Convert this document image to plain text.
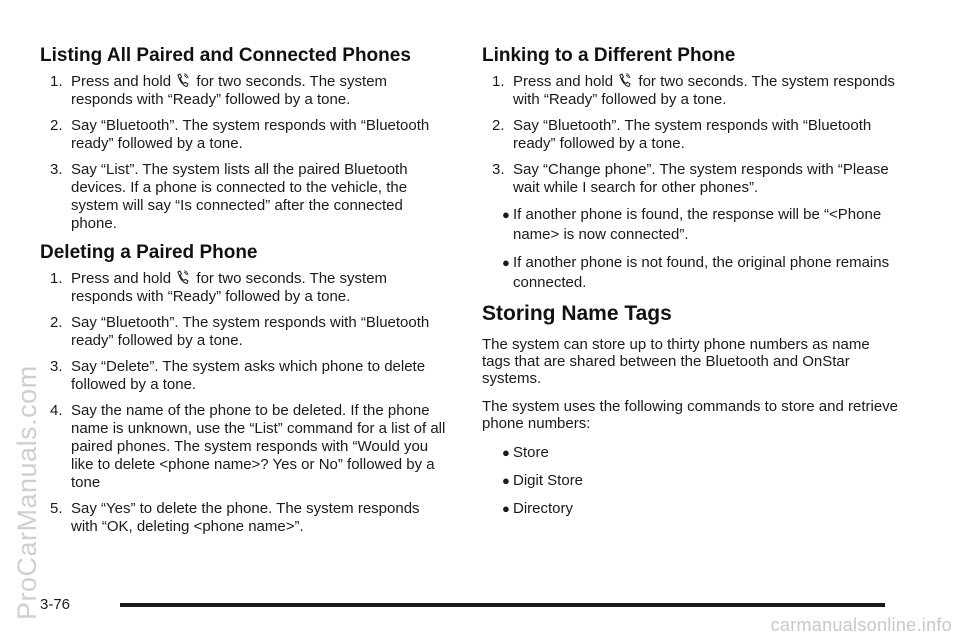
ProCarManuals.com
Listing All Paired and Connected Phones
1. Press and hold for two seconds. The system responds with “Ready” followed by a tone.
2. Say “Bluetooth”. The system responds with “Bluetooth ready” followed by a tone.
3. Say “List”. The system lists all the paired Bluetooth devices. If a phone is connected to the vehicle, the system will say “Is connected” after the connected phone.
Deleting a Paired Phone
1. Press and hold for two seconds. The system responds with “Ready” followed by a tone.
2. Say “Bluetooth”. The system responds with “Bluetooth ready” followed by a tone.
3. Say “Delete”. The system asks which phone to delete followed by a tone.
4. Say the name of the phone to be deleted. If the phone name is unknown, use the “List” command for a list of all paired phones. The system responds with “Would you like to delete <phone name>? Yes or No” followed by a tone
5. Say “Yes” to delete the phone. The system responds with “OK, deleting <phone name>”.
Linking to a Different Phone
1. Press and hold for two seconds. The system responds with “Ready” followed by a tone.
2. Say “Bluetooth”. The system responds with “Bluetooth ready” followed by a tone.
3. Say “Change phone”. The system responds with “Please wait while I search for other phones”.
● If another phone is found, the response will be “<Phone name> is now connected”.
● If another phone is not found, the original phone remains connected.
Storing Name Tags

The system can store up to thirty phone numbers as name tags that are shared between the Bluetooth and OnStar systems.

The system uses the following commands to store and retrieve phone numbers:

● Store
● Digit Store
● Directory
3-76
carmanualsonline.info
